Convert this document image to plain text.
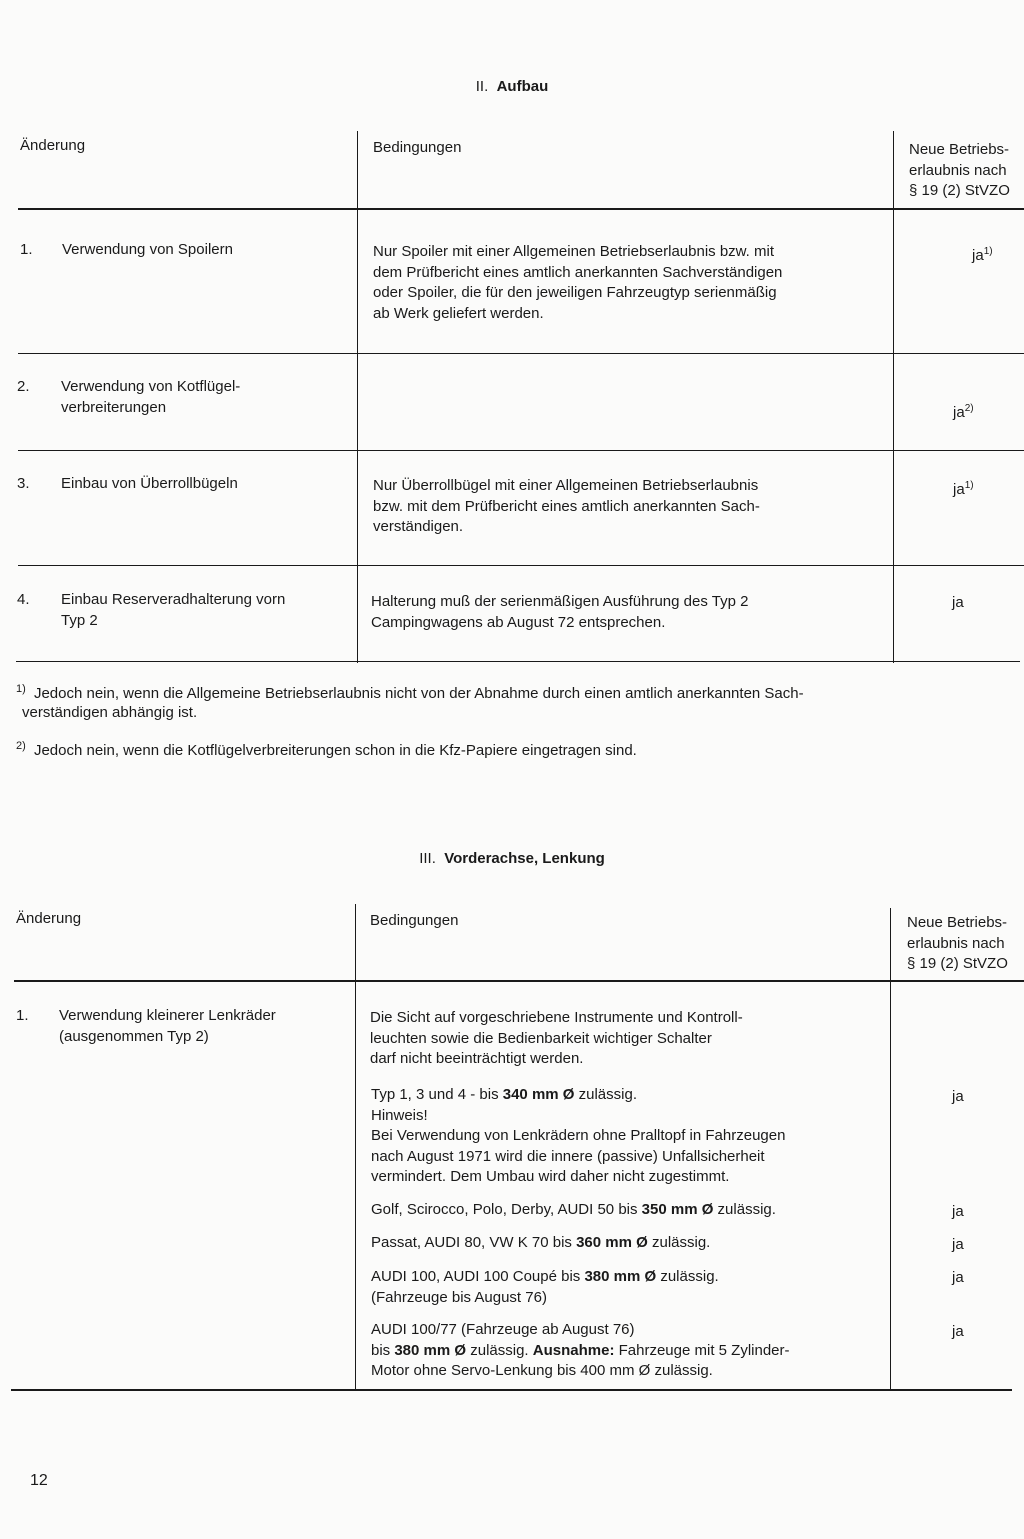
II. Aufbau
Änderung	Bedingungen	Neue Betriebs-
erlaubnis nach
§ 19 (2) StVZO
1. Verwendung von Spoilern	Nur Spoiler mit einer Allgemeinen Betriebserlaubnis bzw. mit
dem Prüfbericht eines amtlich anerkannten Sachverständigen
oder Spoiler, die für den jeweiligen Fahrzeugtyp serienmäßig
ab Werk geliefert werden.
$ja^{1)}$
2. Verwendung von Kotflügel-
verbreiterungen	$ja^{2)}$
3. Einbau von Überrollbügeln	Nur Überrollbügel mit einer Allgemeinen Betriebserlaubnis
bzw. mit dem Prüfbericht eines amtlich anerkannten Sach-
verständigen.
$ja^{1)}$
4. Einbau Reserveradhalterung vorn
Typ 2
Halterung muß der serienmäßigen Ausführung des Typ 2
Campingwagens ab August 72 entsprechen.
ja
$^{1)}$ Jedoch nein, wenn die Allgemeine Betriebserlaubnis nicht von der Abnahme durch einen amtlich anerkannten Sach-
verständigen abhängig ist.
$^{2)}$ Jedoch nein, wenn die Kotflügelverbreiterungen schon in die Kfz-Papiere eingetragen sind.
III. Vorderachse, Lenkung
Änderung	Bedingungen	Neue Betriebs-
erlaubnis nach
§ 19 (2) StVZO
1. Verwendung kleinerer Lenkräder
(ausgenommen Typ 2)
Die Sicht auf vorgeschriebene Instrumente und Kontroll-
leuchten sowie die Bedienbarkeit wichtiger Schalter
darf nicht beeinträchtigt werden.
Typ 1, 3 und 4 - bis 340 mm Ø zulässig.
Hinweis!
Bei Verwendung von Lenkrädern ohne Pralltopf in Fahrzeugen
nach August 1971 wird die innere (passive) Unfallsicherheit
vermindert. Dem Umbau wird daher nicht zugestimmt.
ja
Golf, Scirocco, Polo, Derby, AUDI 50 bis 350 mm Ø zulässig.	ja
Passat, AUDI 80, VW K 70 bis 360 mm Ø zulässig.	ja
AUDI 100, AUDI 100 Coupé bis 380 mm Ø zulässig.
(Fahrzeuge bis August 76)
ja
AUDI 100/77 (Fahrzeuge ab August 76)
bis 380 mm Ø zulässig. Ausnahme: Fahrzeuge mit 5 Zylinder-
Motor ohne Servo-Lenkung bis 400 mm Ø zulässig.
ja
12
